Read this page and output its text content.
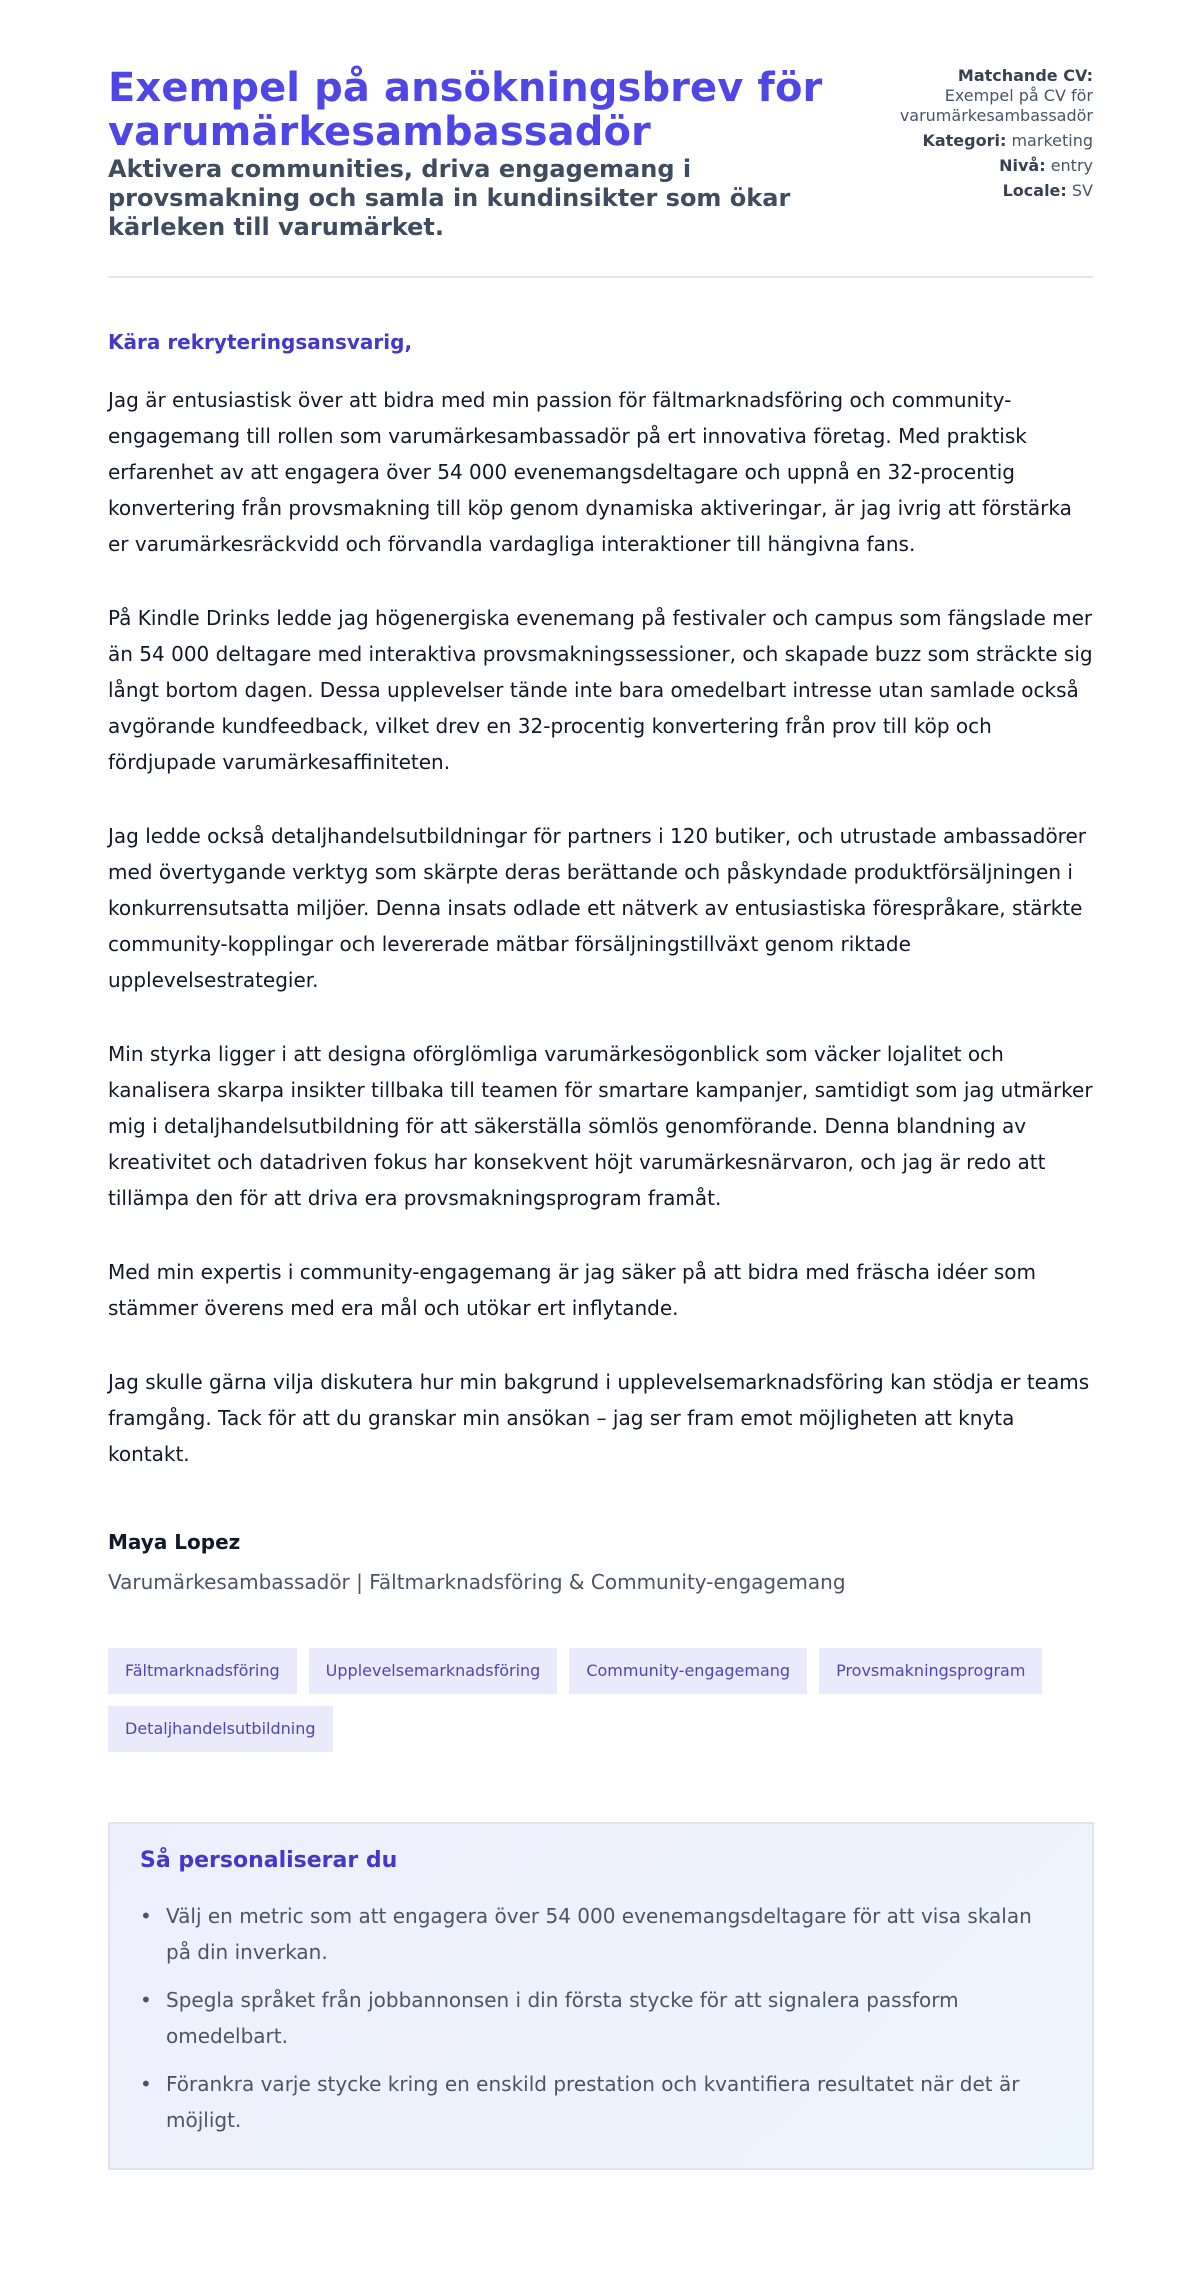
Exempel på ansökningsbrev för varumärkesambassadör
Aktivera communities, driva engagemang i provsmakning och samla in kundinsikter som ökar kärleken till varumärket.
Matchande CV:
Exempel på CV för varumärkesambassadör
Kategori: marketing
Nivå: entry
Locale: SV

Kära rekryteringsansvarig,

Jag är entusiastisk över att bidra med min passion för fältmarknadsföring och community-engagemang till rollen som varumärkesambassadör på ert innovativa företag. Med praktisk erfarenhet av att engagera över 54 000 evenemangsdeltagare och uppnå en 32-procentig konvertering från provsmakning till köp genom dynamiska aktiveringar, är jag ivrig att förstärka er varumärkesräckvidd och förvandla vardagliga interaktioner till hängivna fans.

På Kindle Drinks ledde jag högenergiska evenemang på festivaler och campus som fängslade mer än 54 000 deltagare med interaktiva provsmakningssessioner, och skapade buzz som sträckte sig långt bortom dagen. Dessa upplevelser tände inte bara omedelbart intresse utan samlade också avgörande kundfeedback, vilket drev en 32-procentig konvertering från prov till köp och fördjupade varumärkesaffiniteten.

Jag ledde också detaljhandelsutbildningar för partners i 120 butiker, och utrustade ambassadörer med övertygande verktyg som skärpte deras berättande och påskyndade produktförsäljningen i konkurrensutsatta miljöer. Denna insats odlade ett nätverk av entusiastiska förespråkare, stärkte community-kopplingar och levererade mätbar försäljningstillväxt genom riktade upplevelsestrategier.

Min styrka ligger i att designa oförglömliga varumärkesögonblick som väcker lojalitet och kanalisera skarpa insikter tillbaka till teamen för smartare kampanjer, samtidigt som jag utmärker mig i detaljhandelsutbildning för att säkerställa sömlös genomförande. Denna blandning av kreativitet och datadriven fokus har konsekvent höjt varumärkesnärvaron, och jag är redo att tillämpa den för att driva era provsmakningsprogram framåt.

Med min expertis i community-engagemang är jag säker på att bidra med fräscha idéer som stämmer överens med era mål och utökar ert inflytande.

Jag skulle gärna vilja diskutera hur min bakgrund i upplevelsemarknadsföring kan stödja er teams framgång. Tack för att du granskar min ansökan – jag ser fram emot möjligheten att knyta kontakt.

Maya Lopez
Varumärkesambassadör | Fältmarknadsföring & Community-engagemang
Fältmarknadsföring	Upplevelsemarknadsföring	Community-engagemang	Provsmakningsprogram
Detaljhandelsutbildning
Så personaliserar du
• Välj en metric som att engagera över 54 000 evenemangsdeltagare för att visa skalan på din inverkan.
• Spegla språket från jobbannonsen i din första stycke för att signalera passform omedelbart.
• Förankra varje stycke kring en enskild prestation och kvantifiera resultatet när det är möjligt.
